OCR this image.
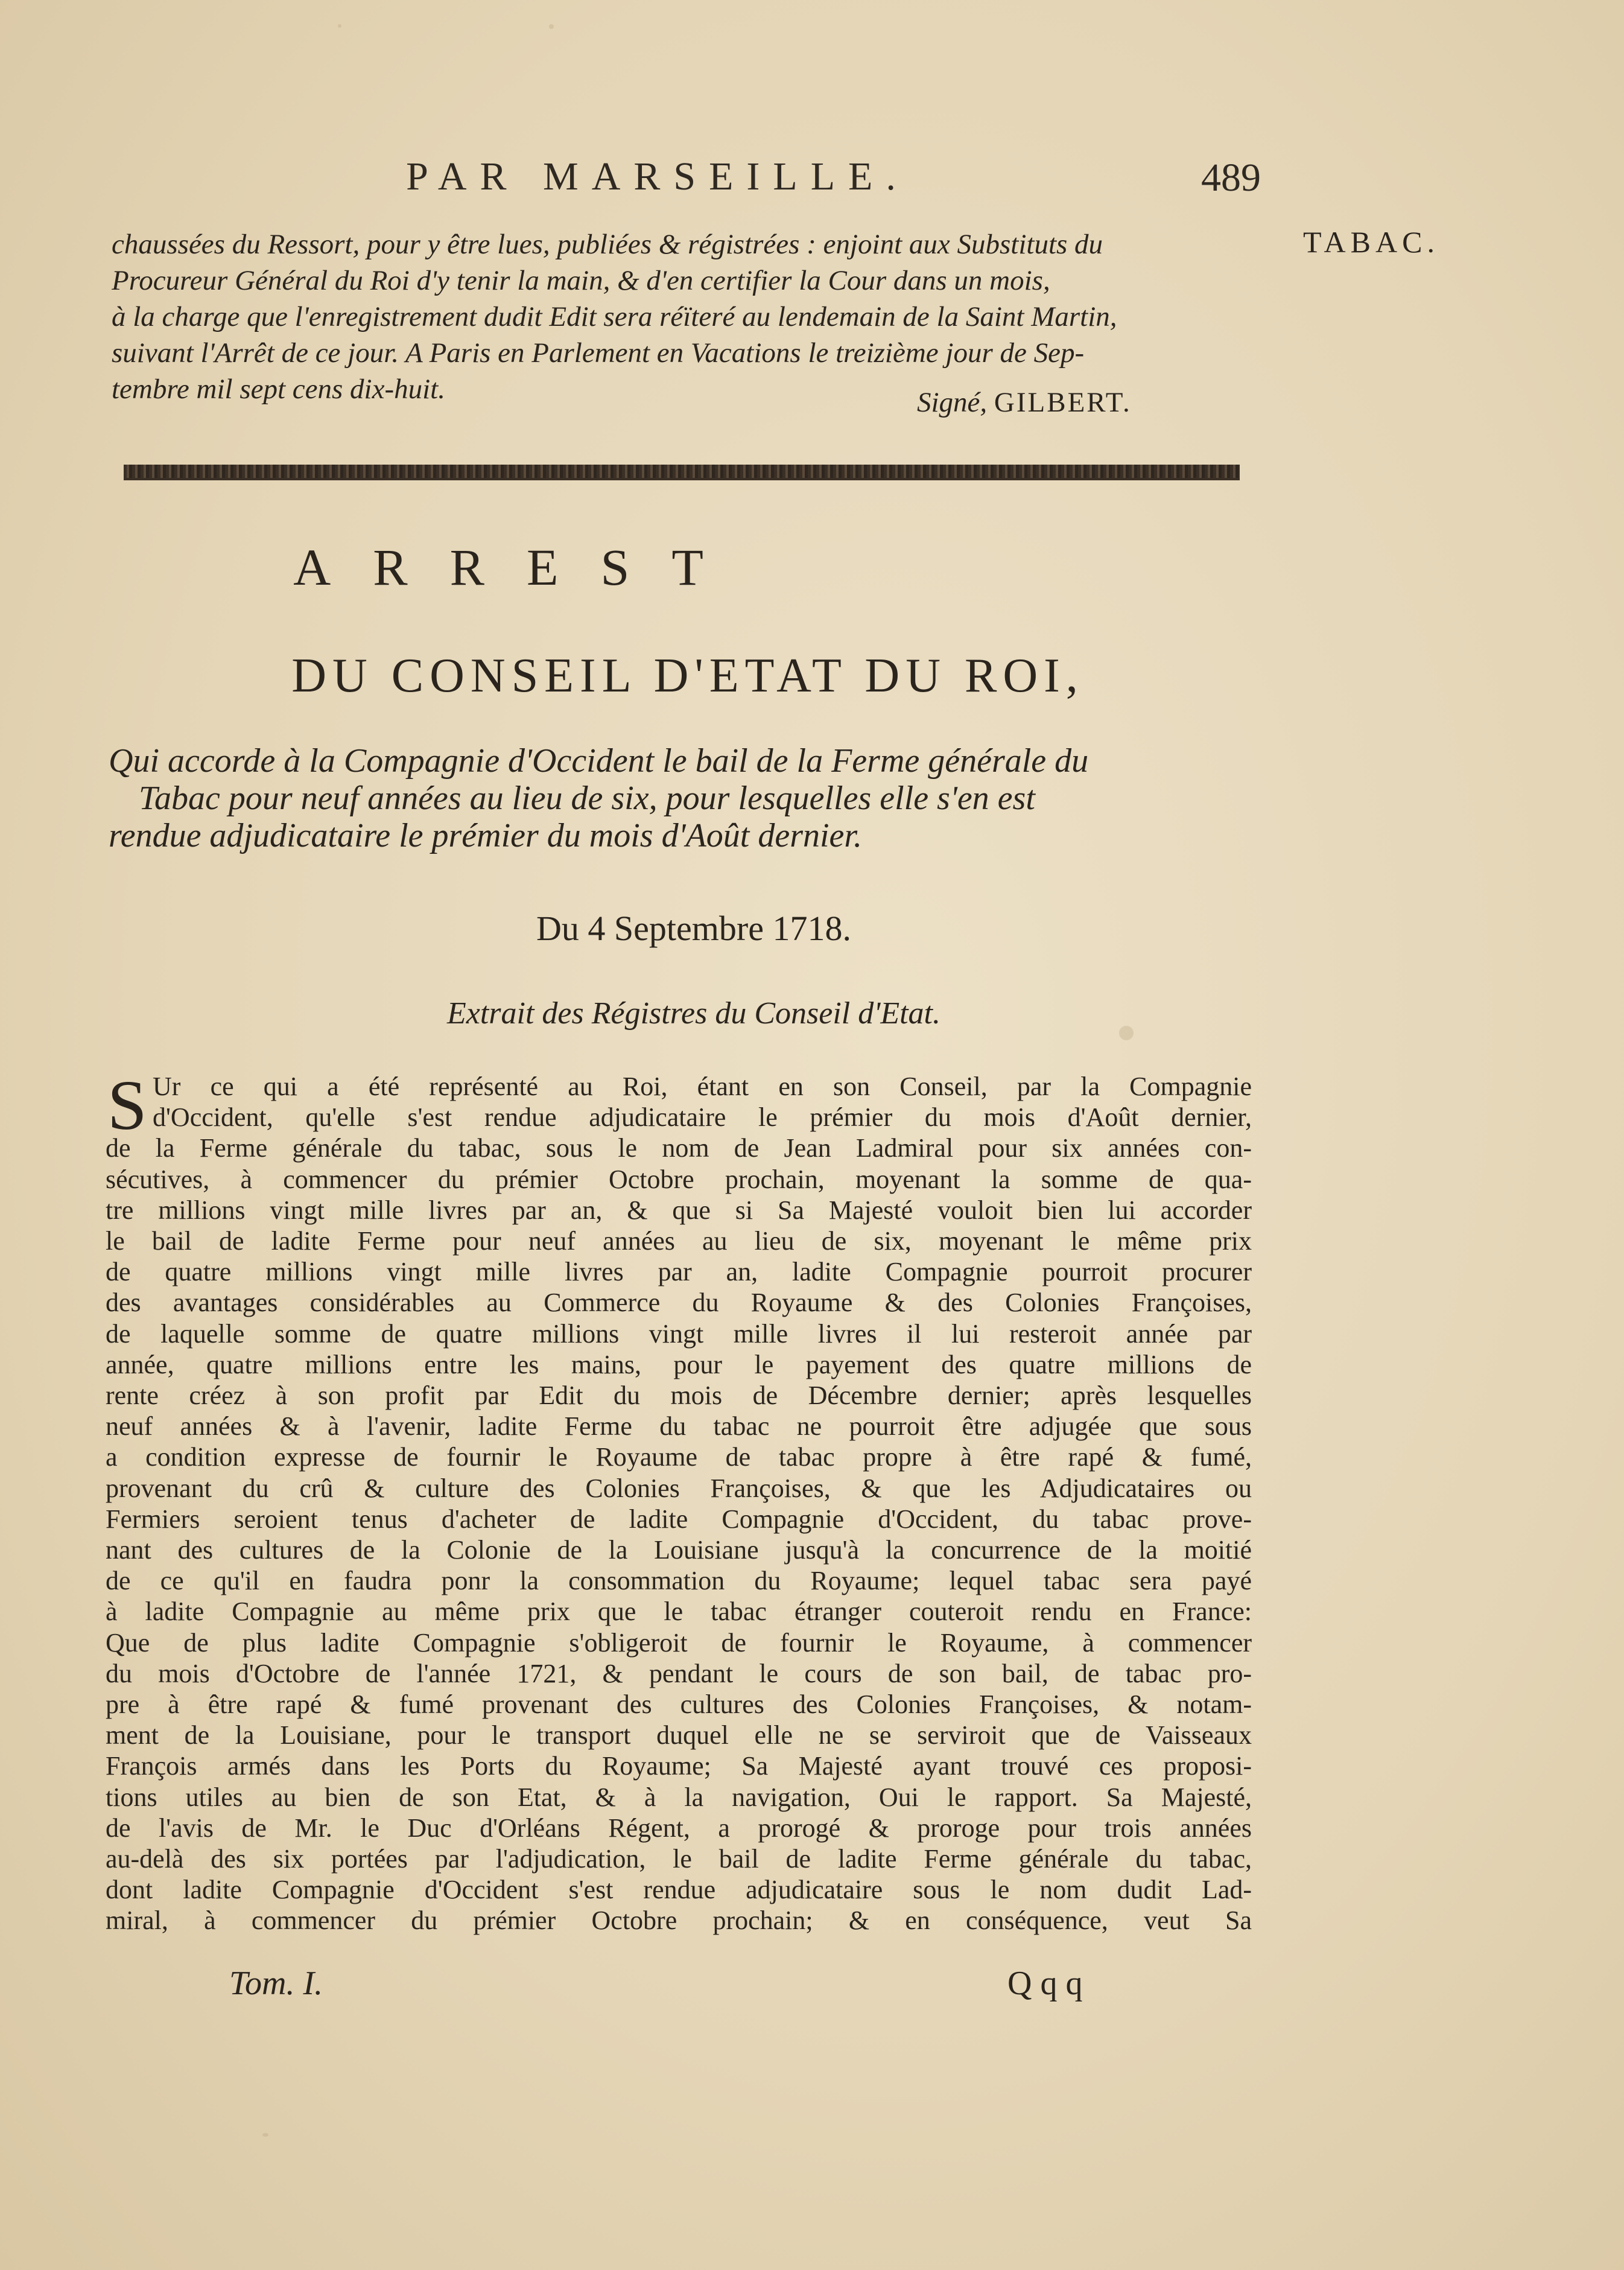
PAR MARSEILLE.	489
TABAC.
chaussées du Ressort, pour y être lues, publiées & régistrées : enjoint aux Substituts du
Procureur Général du Roi d'y tenir la main, & d'en certifier la Cour dans un mois,
à la charge que l'enregistrement dudit Edit sera réïteré au lendemain de la Saint Martin,
suivant l'Arrêt de ce jour. A Paris en Parlement en Vacations le treizième jour de Sep-
tembre mil sept cens dix-huit.	Signé, GILBERT.
ARREST
DU CONSEIL D'ETAT DU ROI,
Qui accorde à la Compagnie d'Occident le bail de la Ferme générale du
Tabac pour neuf années au lieu de six, pour lesquelles elle s'en est
rendue adjudicataire le prémier du mois d'Août dernier.
Du 4 Septembre 1718.
Extrait des Régistres du Conseil d'Etat.
S Ur ce qui a été représenté au Roi, étant en son Conseil, par la Compagnie
d'Occident, qu'elle s'est rendue adjudicataire le prémier du mois d'Août dernier,
de la Ferme générale du tabac, sous le nom de Jean Ladmiral pour six années con-
sécutives, à commencer du prémier Octobre prochain, moyenant la somme de qua-
tre millions vingt mille livres par an, & que si Sa Majesté vouloit bien lui accorder
le bail de ladite Ferme pour neuf années au lieu de six, moyenant le même prix
de quatre millions vingt mille livres par an, ladite Compagnie pourroit procurer
des avantages considérables au Commerce du Royaume & des Colonies Françoises,
de laquelle somme de quatre millions vingt mille livres il lui resteroit année par
année, quatre millions entre les mains, pour le payement des quatre millions de
rente créez à son profit par Edit du mois de Décembre dernier; après lesquelles
neuf années & à l'avenir, ladite Ferme du tabac ne pourroit être adjugée que sous
a condition expresse de fournir le Royaume de tabac propre à être rapé & fumé,
provenant du crû & culture des Colonies Françoises, & que les Adjudicataires ou
Fermiers seroient tenus d'acheter de ladite Compagnie d'Occident, du tabac prove-
nant des cultures de la Colonie de la Louisiane jusqu'à la concurrence de la moitié
de ce qu'il en faudra ponr la consommation du Royaume; lequel tabac sera payé
à ladite Compagnie au même prix que le tabac étranger couteroit rendu en France:
Que de plus ladite Compagnie s'obligeroit de fournir le Royaume, à commencer
du mois d'Octobre de l'année 1721, & pendant le cours de son bail, de tabac pro-
pre à être rapé & fumé provenant des cultures des Colonies Françoises, & notam-
ment de la Louisiane, pour le transport duquel elle ne se serviroit que de Vaisseaux
François armés dans les Ports du Royaume; Sa Majesté ayant trouvé ces proposi-
tions utiles au bien de son Etat, & à la navigation, Oui le rapport. Sa Majesté,
de l'avis de Mr. le Duc d'Orléans Régent, a prorogé & proroge pour trois années
au-delà des six portées par l'adjudication, le bail de ladite Ferme générale du tabac,
dont ladite Compagnie d'Occident s'est rendue adjudicataire sous le nom dudit Lad-
miral, à commencer du prémier Octobre prochain; & en conséquence, veut Sa
Tom. I.	Q q q
